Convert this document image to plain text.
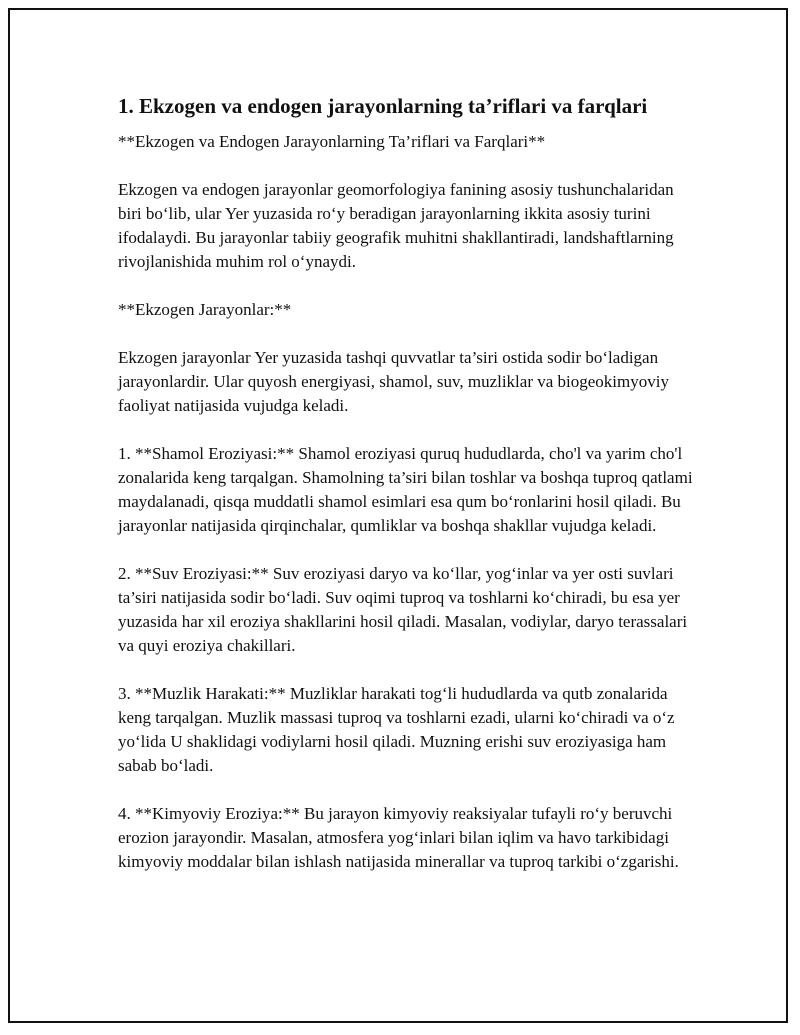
1. Ekzogen va endogen jarayonlarning ta’riflari va farqlari

**Ekzogen va Endogen Jarayonlarning Ta’riflari va Farqlari**

Ekzogen va endogen jarayonlar geomorfologiya fanining asosiy tushunchalaridan biri bo‘lib, ular Yer yuzasida ro‘y beradigan jarayonlarning ikkita asosiy turini ifodalaydi. Bu jarayonlar tabiiy geografik muhitni shakllantiradi, landshaftlarning rivojlanishida muhim rol o‘ynaydi.

**Ekzogen Jarayonlar:**

Ekzogen jarayonlar Yer yuzasida tashqi quvvatlar ta’siri ostida sodir bo‘ladigan jarayonlardir. Ular quyosh energiyasi, shamol, suv, muzliklar va biogeokimyoviy faoliyat natijasida vujudga keladi.

1. **Shamol Eroziyasi:** Shamol eroziyasi quruq hududlarda, cho'l va yarim cho'l zonalarida keng tarqalgan. Shamolning ta’siri bilan toshlar va boshqa tuproq qatlami maydalanadi, qisqa muddatli shamol esimlari esa qum bo‘ronlarini hosil qiladi. Bu jarayonlar natijasida qirqinchalar, qumliklar va boshqa shakllar vujudga keladi.

2. **Suv Eroziyasi:** Suv eroziyasi daryo va ko‘llar, yog‘inlar va yer osti suvlari ta’siri natijasida sodir bo‘ladi. Suv oqimi tuproq va toshlarni ko‘chiradi, bu esa yer yuzasida har xil eroziya shakllarini hosil qiladi. Masalan, vodiylar, daryo terassalari va quyi eroziya chakillari.

3. **Muzlik Harakati:** Muzliklar harakati tog‘li hududlarda va qutb zonalarida keng tarqalgan. Muzlik massasi tuproq va toshlarni ezadi, ularni ko‘chiradi va o‘z yo‘lida U shaklidagi vodiylarni hosil qiladi. Muzning erishi suv eroziyasiga ham sabab bo‘ladi.

4. **Kimyoviy Eroziya:** Bu jarayon kimyoviy reaksiyalar tufayli ro‘y beruvchi erozion jarayondir. Masalan, atmosfera yog‘inlari bilan iqlim va havo tarkibidagi kimyoviy moddalar bilan ishlash natijasida minerallar va tuproq tarkibi o‘zgarishi.
